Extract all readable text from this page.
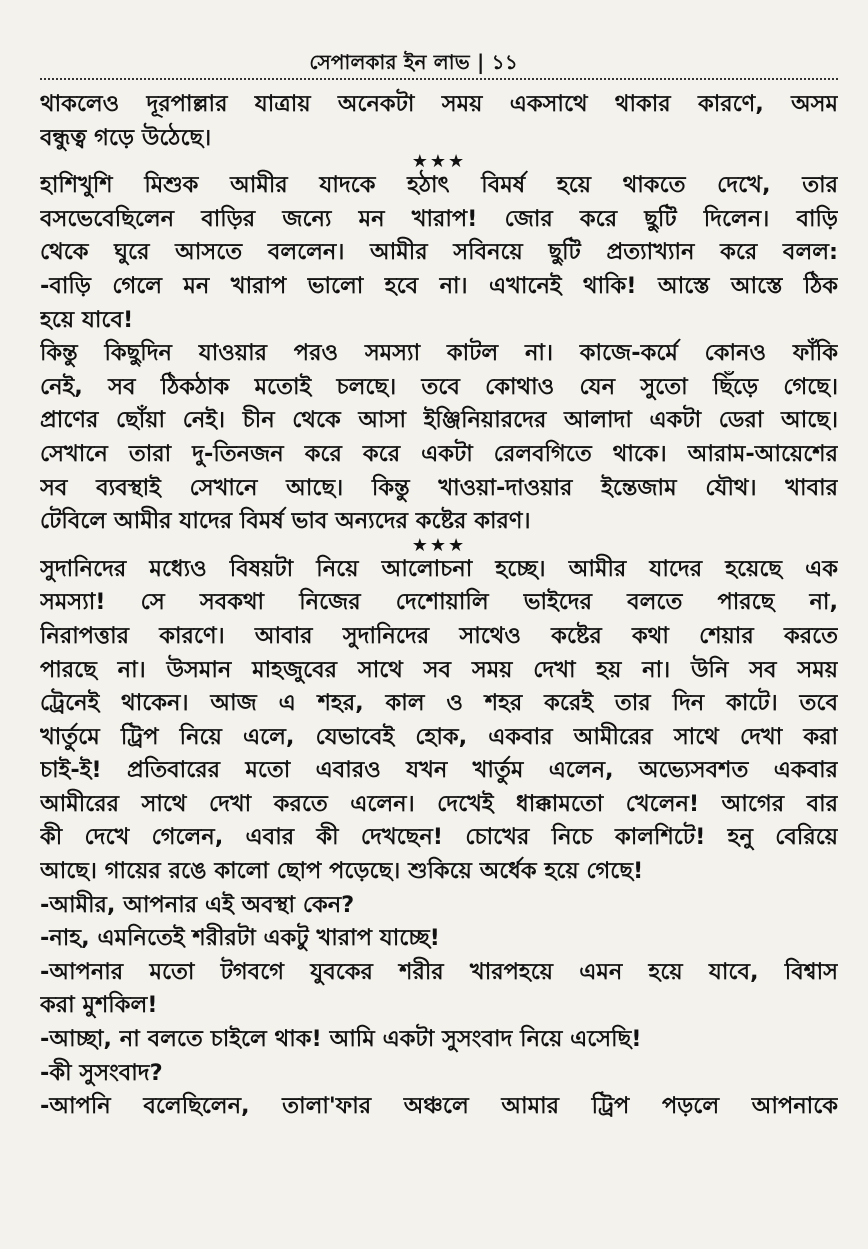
সেপালকার ইন লাভ | ১১
থাকলেও দূরপাল্লার যাত্রায় অনেকটা সময় একসাথে থাকার কারণে, অসম
বন্ধুত্ব গড়ে উঠেছে।
★★★
হাশিখুশি মিশুক আমীর যাদকে হঠাৎ বিমর্ষ হয়ে থাকতে দেখে, তার
বসভেবেছিলেন বাড়ির জন্যে মন খারাপ! জোর করে ছুটি দিলেন। বাড়ি
থেকে ঘুরে আসতে বললেন। আমীর সবিনয়ে ছুটি প্রত্যাখ্যান করে বলল:
-বাড়ি গেলে মন খারাপ ভালো হবে না। এখানেই থাকি! আস্তে আস্তে ঠিক
হয়ে যাবে!
কিন্তু কিছুদিন যাওয়ার পরও সমস্যা কাটল না। কাজে-কর্মে কোনও ফাঁকি
নেই, সব ঠিকঠাক মতোই চলছে। তবে কোথাও যেন সুতো ছিঁড়ে গেছে।
প্রাণের ছোঁয়া নেই। চীন থেকে আসা ইঞ্জিনিয়ারদের আলাদা একটা ডেরা আছে।
সেখানে তারা দু-তিনজন করে করে একটা রেলবগিতে থাকে। আরাম-আয়েশের
সব ব্যবস্থাই সেখানে আছে। কিন্তু খাওয়া-দাওয়ার ইন্তেজাম যৌথ। খাবার
টেবিলে আমীর যাদের বিমর্ষ ভাব অন্যদের কষ্টের কারণ।
★★★
সুদানিদের মধ্যেও বিষয়টা নিয়ে আলোচনা হচ্ছে। আমীর যাদের হয়েছে এক
সমস্যা! সে সবকথা নিজের দেশোয়ালি ভাইদের বলতে পারছে না,
নিরাপত্তার কারণে। আবার সুদানিদের সাথেও কষ্টের কথা শেয়ার করতে
পারছে না। উসমান মাহজুবের সাথে সব সময় দেখা হয় না। উনি সব সময়
ট্রেনেই থাকেন। আজ এ শহর, কাল ও শহর করেই তার দিন কাটে। তবে
খার্তুমে ট্রিপ নিয়ে এলে, যেভাবেই হোক, একবার আমীরের সাথে দেখা করা
চাই-ই! প্রতিবারের মতো এবারও যখন খার্তুম এলেন, অভ্যেসবশত একবার
আমীরের সাথে দেখা করতে এলেন। দেখেই ধাক্কামতো খেলেন! আগের বার
কী দেখে গেলেন, এবার কী দেখছেন! চোখের নিচে কালশিটে! হনু বেরিয়ে
আছে। গায়ের রঙে কালো ছোপ পড়েছে। শুকিয়ে অর্ধেক হয়ে গেছে!
-আমীর, আপনার এই অবস্থা কেন?
-নাহ, এমনিতেই শরীরটা একটু খারাপ যাচ্ছে!
-আপনার মতো টগবগে যুবকের শরীর খারপহয়ে এমন হয়ে যাবে, বিশ্বাস
করা মুশকিল!
-আচ্ছা, না বলতে চাইলে থাক! আমি একটা সুসংবাদ নিয়ে এসেছি!
-কী সুসংবাদ?
-আপনি বলেছিলেন, তালা'ফার অঞ্চলে আমার ট্রিপ পড়লে আপনাকে
